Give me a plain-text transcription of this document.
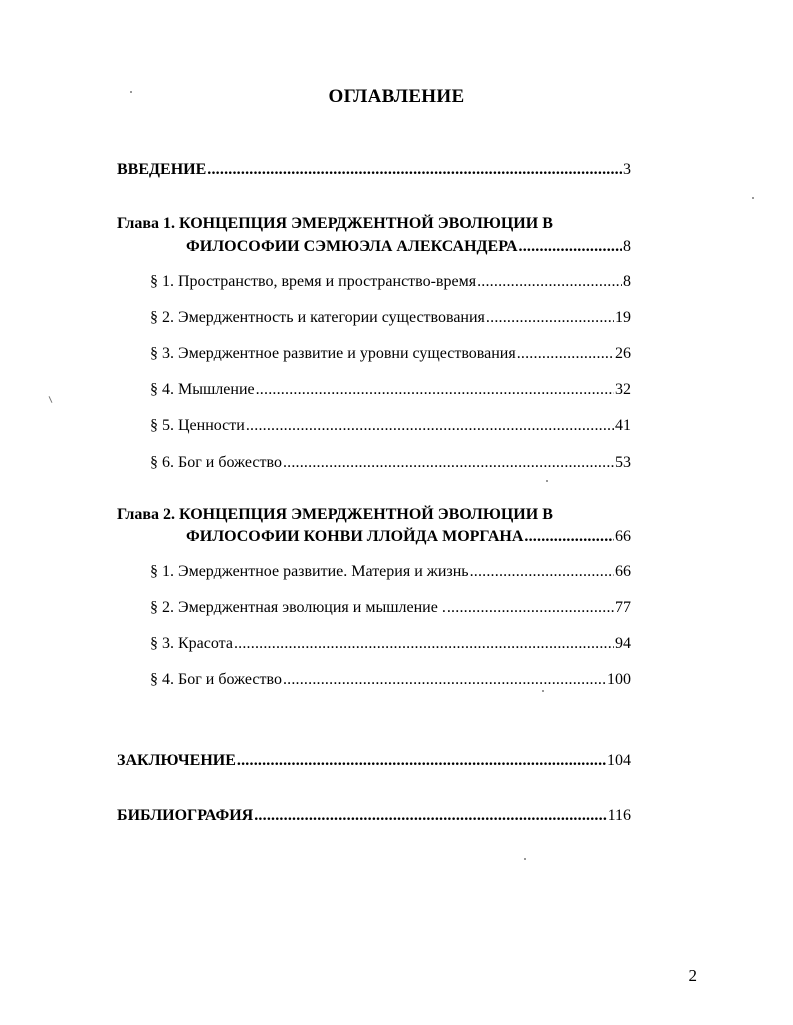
ОГЛАВЛЕНИЕ
ВВЕДЕНИЕ .....	3
Глава 1. КОНЦЕПЦИЯ ЭМЕРДЖЕНТНОЙ ЭВОЛЮЦИИ В
ФИЛОСОФИИ СЭМЮЭЛА АЛЕКСАНДЕРА .....	8
§ 1. Пространство, время и пространство-время .....	8
§ 2. Эмерджентность и категории существования .....	19
§ 3. Эмерджентное развитие и уровни существования .....	26
§ 4. Мышление .....	32
§ 5. Ценности .....	41
§ 6. Бог и божество .....	53
Глава 2. КОНЦЕПЦИЯ ЭМЕРДЖЕНТНОЙ ЭВОЛЮЦИИ В
ФИЛОСОФИИ КОНВИ ЛЛОЙДА МОРГАНА .....	66
§ 1. Эмерджентное развитие. Материя и жизнь .....	66
§ 2. Эмерджентная эволюция и мышление . .....	77
§ 3. Красота .....	94
§ 4. Бог и божество .....	100
ЗАКЛЮЧЕНИЕ .....	104
БИБЛИОГРАФИЯ .....	116
2
